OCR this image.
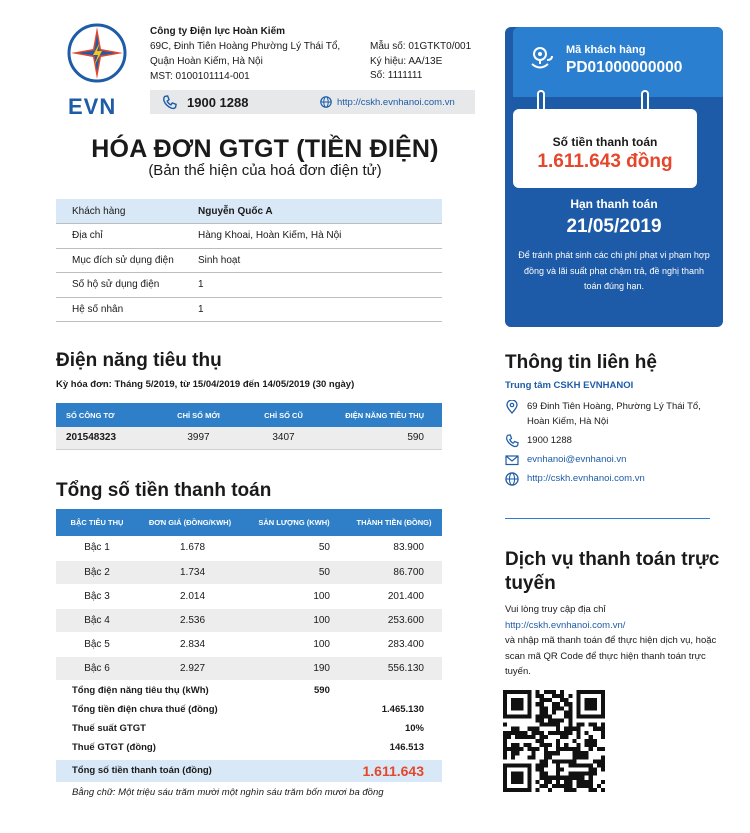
EVN
Công ty Điện lực Hoàn Kiếm
69C, Đinh Tiên Hoàng Phường Lý Thái Tổ,
Quận Hoàn Kiếm, Hà Nội
MST: 0100101114-001
Mẫu số: 01GTKT0/001
Ký hiệu: AA/13E
Số: 1111111
1900 1288	http://cskh.evnhanoi.com.vn
HÓA ĐƠN GTGT (TIỀN ĐIỆN)
(Bản thể hiện của hoá đơn điện tử)
Khách hàng	Nguyễn Quốc A
Địa chỉ	Hàng Khoai, Hoàn Kiếm, Hà Nội
Mục đích sử dụng điện	Sinh hoạt
Số hộ sử dụng điện	1
Hệ số nhân	1
Điện năng tiêu thụ
Kỳ hóa đơn: Tháng 5/2019, từ 15/04/2019 đến 14/05/2019 (30 ngày)
SỐ CÔNG TƠ	CHỈ SỐ MỚI	CHỈ SỐ CŨ	ĐIỆN NĂNG TIÊU THỤ
201548323	3997	3407	590
Tổng số tiền thanh toán
BẬC TIÊU THỤ	ĐƠN GIÁ (ĐỒNG/KWH)	SẢN LƯỢNG (KWH)	THÀNH TIỀN (ĐỒNG)
Bậc 1	1.678	50	83.900
Bậc 2	1.734	50	86.700
Bậc 3	2.014	100	201.400
Bậc 4	2.536	100	253.600
Bậc 5	2.834	100	283.400
Bậc 6	2.927	190	556.130
Tổng điện năng tiêu thụ (kWh)	590
Tổng tiền điện chưa thuế (đồng)	1.465.130
Thuế suất GTGT	10%
Thuế GTGT (đồng)	146.513
Tổng số tiền thanh toán (đồng)	1.611.643
Bằng chữ: Một triệu sáu trăm mười một nghìn sáu trăm bốn mươi ba đồng
Mã khách hàng
PD01000000000
Số tiền thanh toán
1.611.643 đồng
Hạn thanh toán
21/05/2019
Để tránh phát sinh các chi phí phạt vi phạm hợp đồng và lãi suất phạt chậm trả, đề nghị thanh toán đúng hạn.
Thông tin liên hệ
Trung tâm CSKH EVNHANOI
69 Đinh Tiên Hoàng, Phường Lý Thái Tổ, Hoàn Kiếm, Hà Nội
1900 1288
evnhanoi@evnhanoi.vn
http://cskh.evnhanoi.com.vn
Dịch vụ thanh toán trực tuyến
Vui lòng truy cập địa chỉ
http://cskh.evnhanoi.com.vn/
và nhập mã thanh toán để thực hiện dịch vụ, hoặc scan mã QR Code để thực hiện thanh toán trực tuyến.
